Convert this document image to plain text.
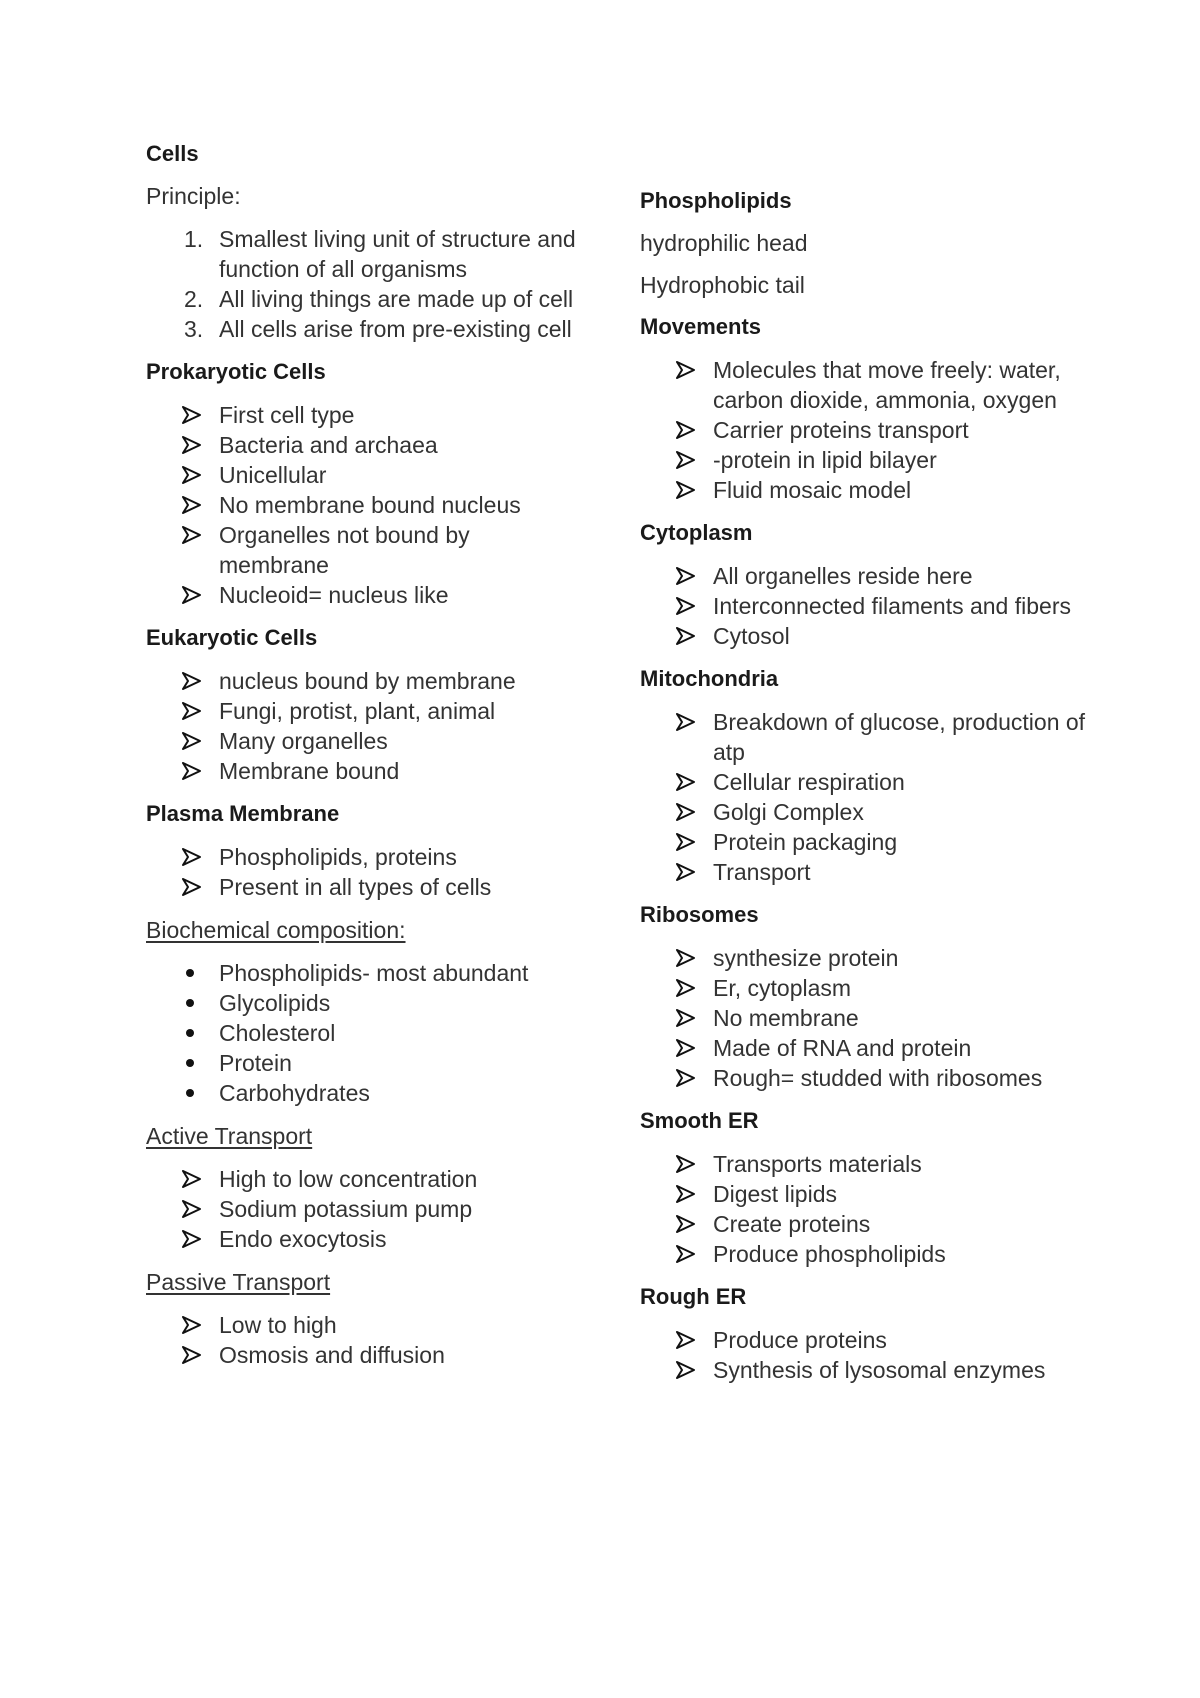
Cells
Principle:
1. Smallest living unit of structure and function of all organisms
2. All living things are made up of cell
3. All cells arise from pre-existing cell
Prokaryotic Cells
First cell type
Bacteria and archaea
Unicellular
No membrane bound nucleus
Organelles not bound by membrane
Nucleoid= nucleus like
Eukaryotic Cells
nucleus bound by membrane
Fungi, protist, plant, animal
Many organelles
Membrane bound
Plasma Membrane
Phospholipids, proteins
Present in all types of cells
Biochemical composition:
Phospholipids- most abundant
Glycolipids
Cholesterol
Protein
Carbohydrates
Active Transport
High to low concentration
Sodium potassium pump
Endo exocytosis
Passive Transport
Low to high
Osmosis and diffusion
Phospholipids
hydrophilic head
Hydrophobic tail
Movements
Molecules that move freely: water, carbon dioxide, ammonia, oxygen
Carrier proteins transport
-protein in lipid bilayer
Fluid mosaic model
Cytoplasm
All organelles reside here
Interconnected filaments and fibers
Cytosol
Mitochondria
Breakdown of glucose, production of atp
Cellular respiration
Golgi Complex
Protein packaging
Transport
Ribosomes
synthesize protein
Er, cytoplasm
No membrane
Made of RNA and protein
Rough= studded with ribosomes
Smooth ER
Transports materials
Digest lipids
Create proteins
Produce phospholipids
Rough ER
Produce proteins
Synthesis of lysosomal enzymes
